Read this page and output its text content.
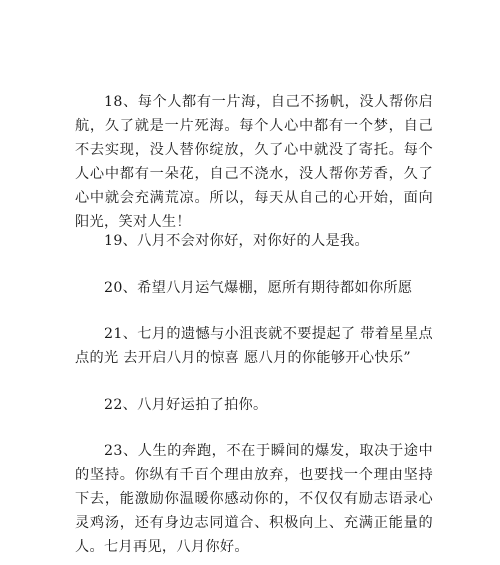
18、每个人都有一片海，自己不扬帆，没人帮你启航，久了就是一片死海。每个人心中都有一个梦，自己不去实现，没人替你绽放，久了心中就没了寄托。每个人心中都有一朵花，自己不浇水，没人帮你芳香，久了心中就会充满荒凉。所以，每天从自己的心开始，面向阳光，笑对人生！

19、八月不会对你好，对你好的人是我。

20、希望八月运气爆棚，愿所有期待都如你所愿

21、七月的遗憾与小沮丧就不要提起了 带着星星点点的光 去开启八月的惊喜 愿八月的你能够开心快乐”

22、八月好运拍了拍你。

23、人生的奔跑，不在于瞬间的爆发，取决于途中的坚持。你纵有千百个理由放弃，也要找一个理由坚持下去，能激励你温暖你感动你的，不仅仅有励志语录心灵鸡汤，还有身边志同道合、积极向上、充满正能量的人。七月再见，八月你好。
